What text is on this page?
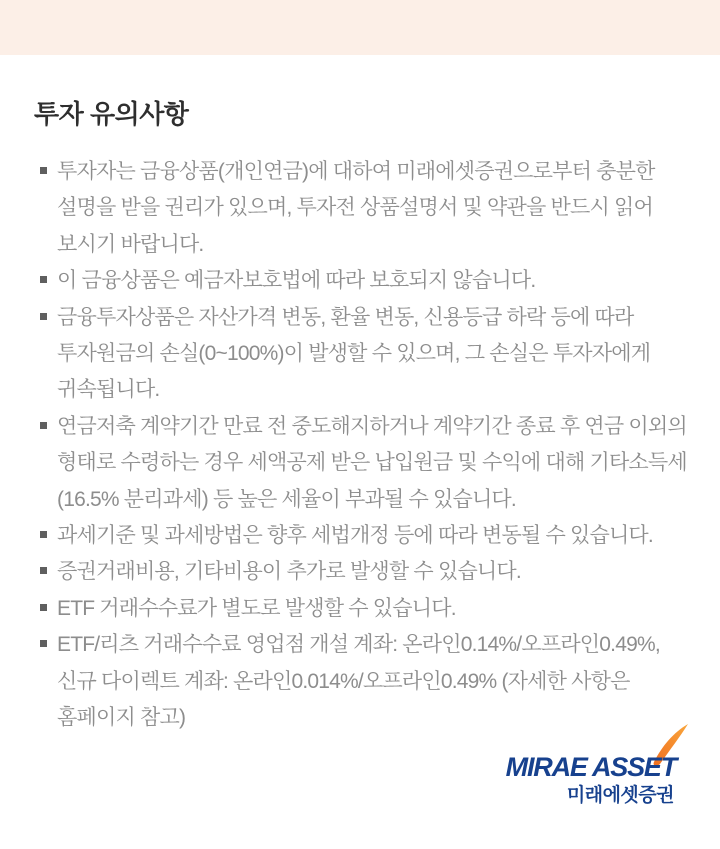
투자 유의사항
투자자는 금융상품(개인연금)에 대하여 미래에셋증권으로부터 충분한 설명을 받을 권리가 있으며, 투자전 상품설명서 및 약관을 반드시 읽어 보시기 바랍니다.
이 금융상품은 예금자보호법에 따라 보호되지 않습니다.
금융투자상품은 자산가격 변동, 환율 변동, 신용등급 하락 등에 따라 투자원금의 손실(0~100%)이 발생할 수 있으며, 그 손실은 투자자에게 귀속됩니다.
연금저축 계약기간 만료 전 중도해지하거나 계약기간 종료 후 연금 이외의 형태로 수령하는 경우 세액공제 받은 납입원금 및 수익에 대해 기타소득세(16.5% 분리과세) 등 높은 세율이 부과될 수 있습니다.
과세기준 및 과세방법은 향후 세법개정 등에 따라 변동될 수 있습니다.
증권거래비용, 기타비용이 추가로 발생할 수 있습니다.
ETF 거래수수료가 별도로 발생할 수 있습니다.
ETF/리츠 거래수수료 영업점 개설 계좌: 온라인0.14%/오프라인0.49%, 신규 다이렉트 계좌: 온라인0.014%/오프라인0.49% (자세한 사항은 홈페이지 참고)
MIRAE ASSET
미래에셋증권
